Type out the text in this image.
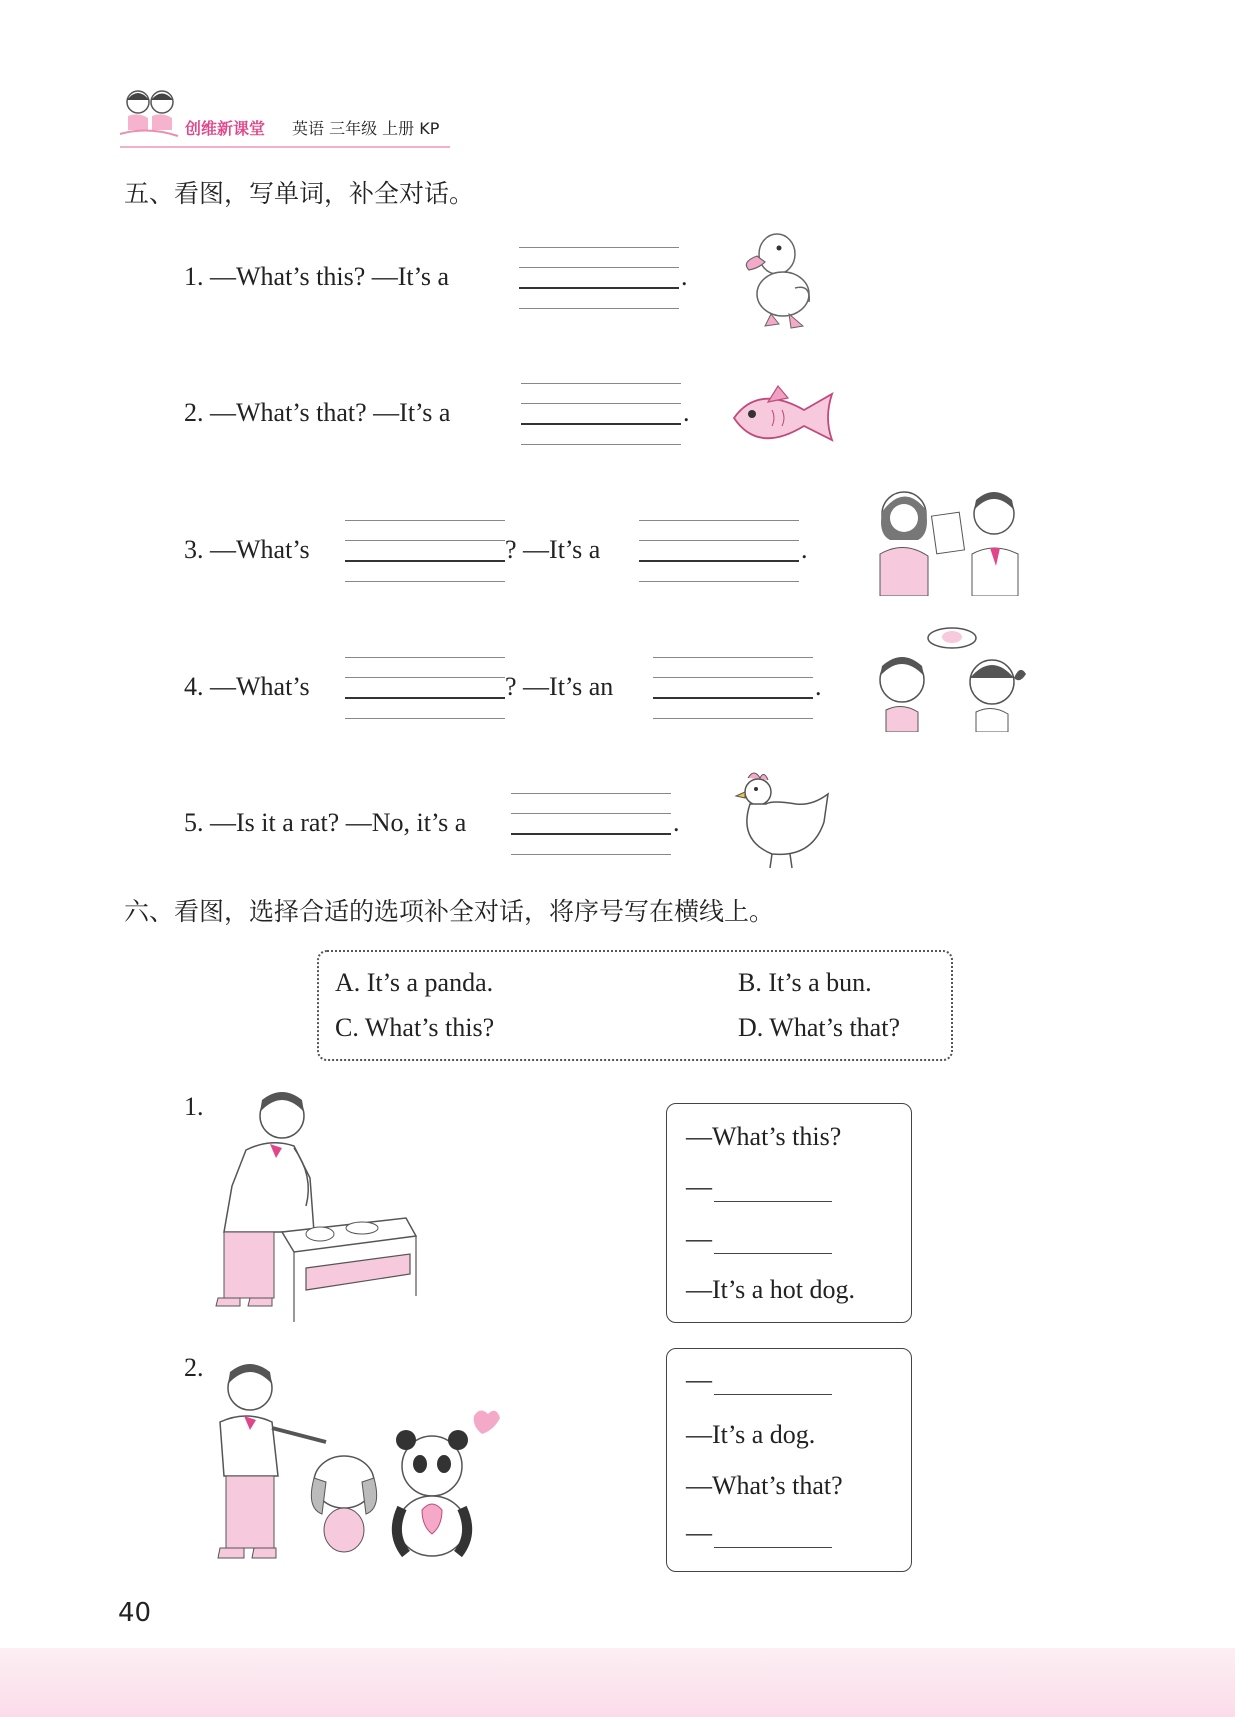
创维新课堂 英语 三年级 上册 KP
五、看图，写单词，补全对话。
1. —What’s this? —It’s a	.
2. —What’s that? —It’s a	.
3. —What’s	? —It’s a	.
4. —What’s	? —It’s an	.
5. —Is it a rat? —No, it’s a	.
六、看图，选择合适的选项补全对话，将序号写在横线上。
A. It’s a panda.	B. It’s a bun.
C. What’s this?	D. What’s that?
1.
—What’s this?
—
—
—It’s a hot dog.
2.	—
—It’s a dog.
—What’s that?
—
40
